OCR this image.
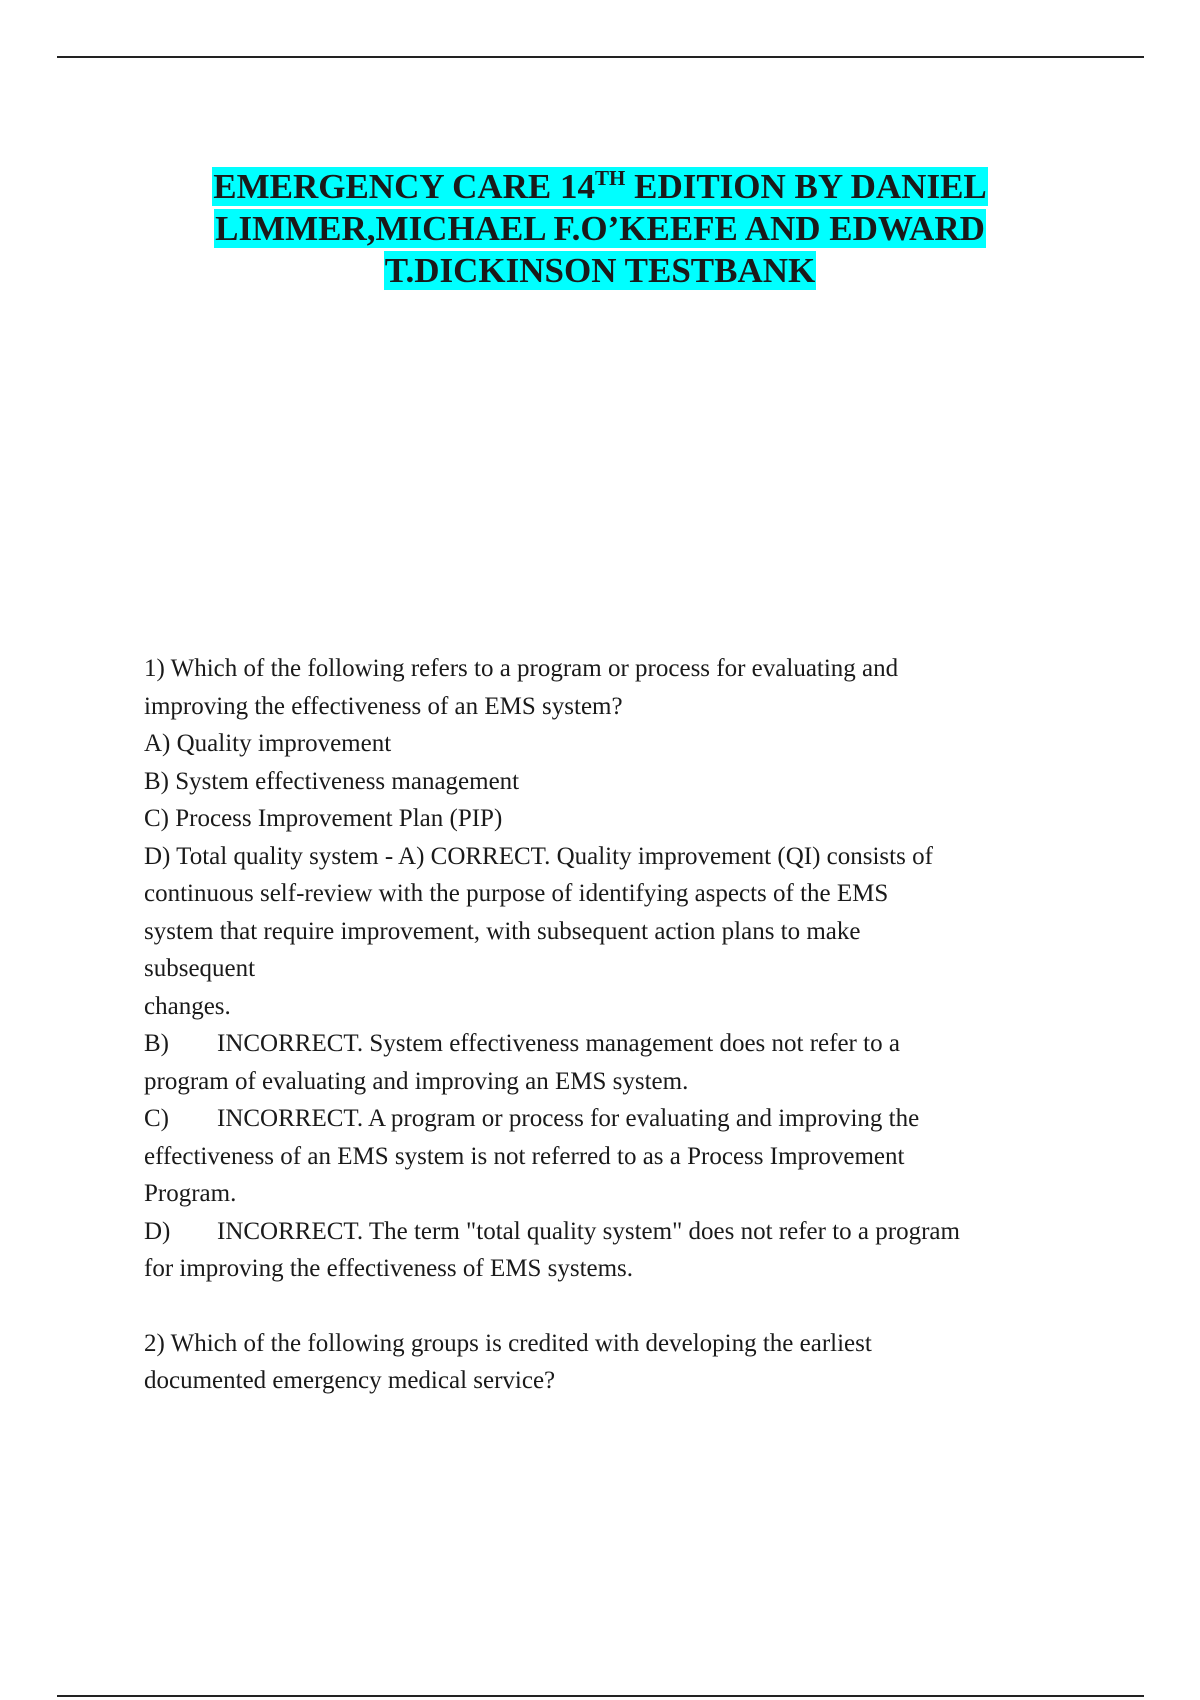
EMERGENCY CARE 14TH EDITION BY DANIEL
LIMMER,MICHAEL F.O’KEEFE AND EDWARD
T.DICKINSON TESTBANK

1) Which of the following refers to a program or process for evaluating and

improving the effectiveness of an EMS system?

A) Quality improvement

B) System effectiveness management

C) Process Improvement Plan (PIP)

D) Total quality system - A) CORRECT. Quality improvement (QI) consists of

continuous self-review with the purpose of identifying aspects of the EMS

system that require improvement, with subsequent action plans to make

subsequent

changes.

B) INCORRECT. System effectiveness management does not refer to a

program of evaluating and improving an EMS system.

C) INCORRECT. A program or process for evaluating and improving the

effectiveness of an EMS system is not referred to as a Process Improvement

Program.

D) INCORRECT. The term "total quality system" does not refer to a program

for improving the effectiveness of EMS systems.

2) Which of the following groups is credited with developing the earliest

documented emergency medical service?
